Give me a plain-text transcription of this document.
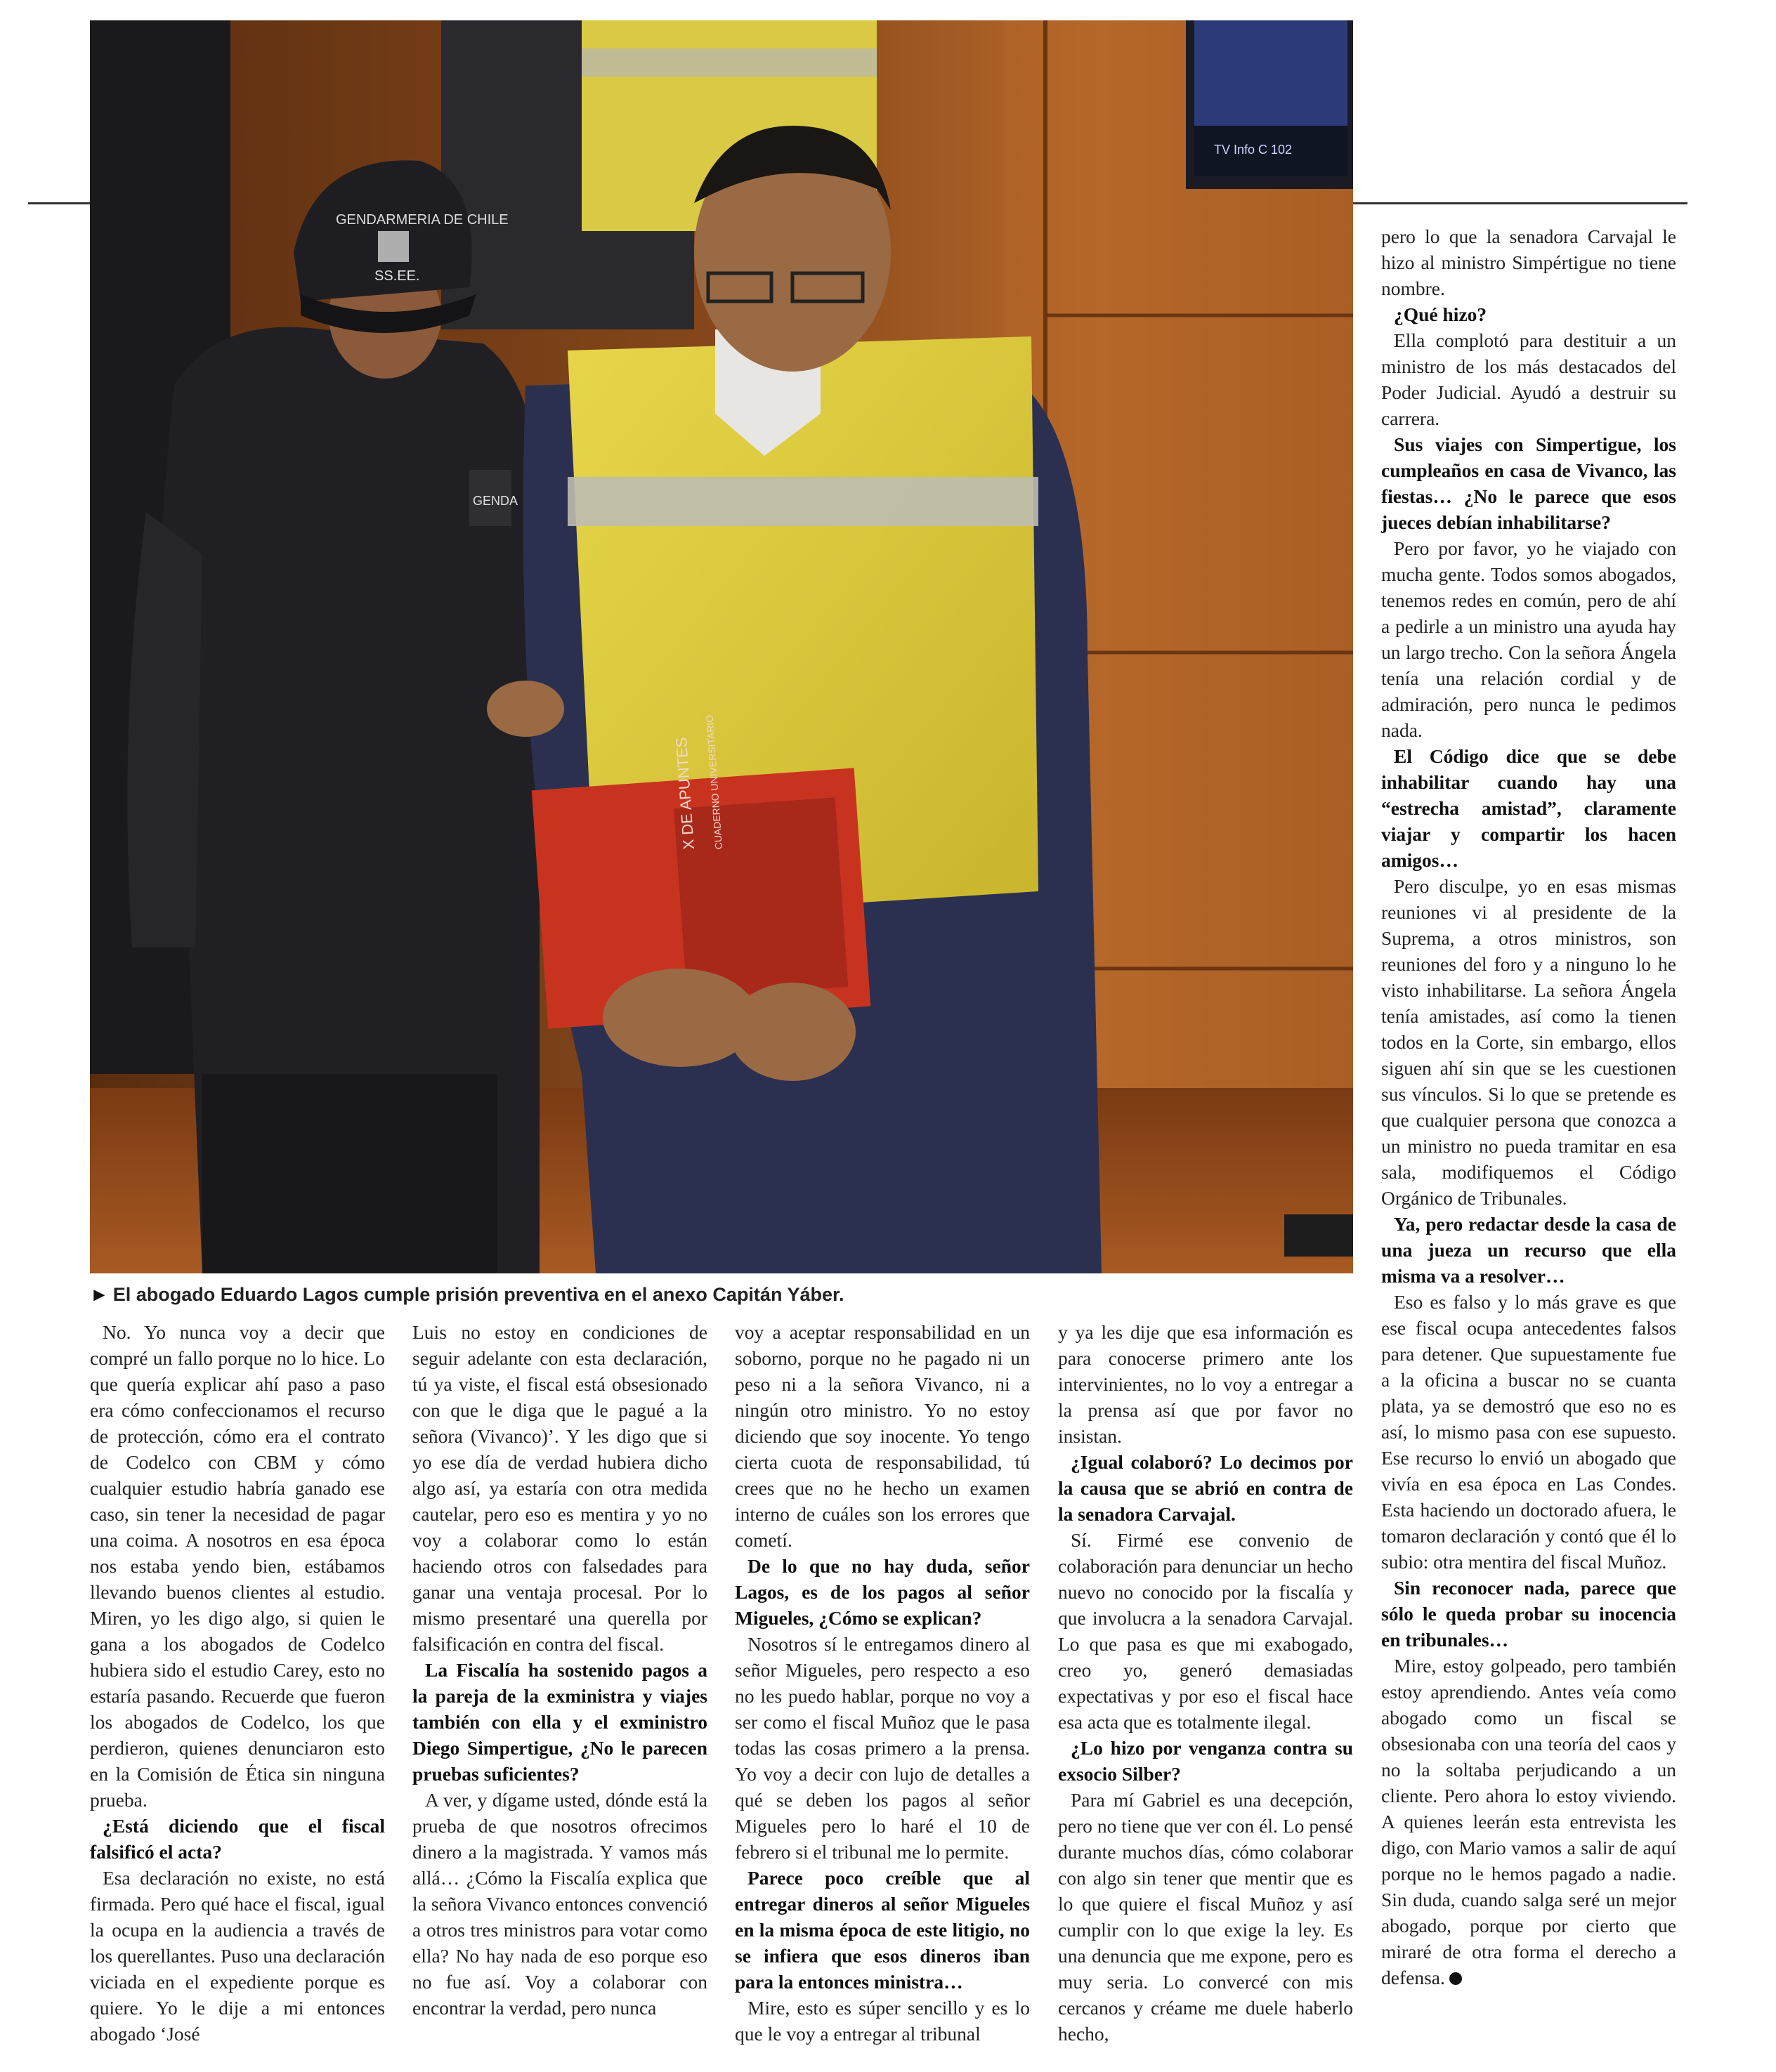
TV Info C 102
GENDARMERIA DE CHILE
SS.EE.
GENDA
X DE APUNTES CUADERNO UNIVERSITARIO
► El abogado Eduardo Lagos cumple prisión preventiva en el anexo Capitán Yáber.

No. Yo nunca voy a decir que compré un fallo porque no lo hice. Lo que quería explicar ahí paso a paso era cómo confeccionamos el recurso de protección, cómo era el contrato de Codelco con CBM y cómo cualquier estudio habría ganado ese caso, sin tener la necesidad de pagar una coima. A nosotros en esa época nos estaba yendo bien, estábamos llevando buenos clientes al estudio. Miren, yo les digo algo, si quien le gana a los abogados de Codelco hubiera sido el estudio Carey, esto no estaría pasando. Recuerde que fueron los abogados de Codelco, los que perdieron, quienes denunciaron esto en la Comisión de Ética sin ninguna prueba.

¿Está diciendo que el fiscal falsificó el acta?

Esa declaración no existe, no está firmada. Pero qué hace el fiscal, igual la ocupa en la audiencia a través de los querellantes. Puso una declaración viciada en el expediente porque es quiere. Yo le dije a mi entonces abogado ‘José

Luis no estoy en condiciones de seguir adelante con esta declaración, tú ya viste, el fiscal está obsesionado con que le diga que le pagué a la señora (Vivanco)’. Y les digo que si yo ese día de verdad hubiera dicho algo así, ya estaría con otra medida cautelar, pero eso es mentira y yo no voy a colaborar como lo están haciendo otros con falsedades para ganar una ventaja procesal. Por lo mismo presentaré una querella por falsificación en contra del fiscal.

La Fiscalía ha sostenido pagos a la pareja de la exministra y viajes también con ella y el exministro Diego Simpertigue, ¿No le parecen pruebas suficientes?

A ver, y dígame usted, dónde está la prueba de que nosotros ofrecimos dinero a la magistrada. Y vamos más allá… ¿Cómo la Fiscalía explica que la señora Vivanco entonces convenció a otros tres ministros para votar como ella? No hay nada de eso porque eso no fue así. Voy a colaborar con encontrar la verdad, pero nunca

voy a aceptar responsabilidad en un soborno, porque no he pagado ni un peso ni a la señora Vivanco, ni a ningún otro ministro. Yo no estoy diciendo que soy inocente. Yo tengo cierta cuota de responsabilidad, tú crees que no he hecho un examen interno de cuáles son los errores que cometí.

De lo que no hay duda, señor Lagos, es de los pagos al señor Migueles, ¿Cómo se explican?

Nosotros sí le entregamos dinero al señor Migueles, pero respecto a eso no les puedo hablar, porque no voy a ser como el fiscal Muñoz que le pasa todas las cosas primero a la prensa. Yo voy a decir con lujo de detalles a qué se deben los pagos al señor Migueles pero lo haré el 10 de febrero si el tribunal me lo permite.

Parece poco creíble que al entregar dineros al señor Migueles en la misma época de este litigio, no se infiera que esos dineros iban para la entonces ministra…

Mire, esto es súper sencillo y es lo que le voy a entregar al tribunal

y ya les dije que esa información es para conocerse primero ante los intervinientes, no lo voy a entregar a la prensa así que por favor no insistan.

¿Igual colaboró? Lo decimos por la causa que se abrió en contra de la senadora Carvajal.

Sí. Firmé ese convenio de colaboración para denunciar un hecho nuevo no conocido por la fiscalía y que involucra a la senadora Carvajal. Lo que pasa es que mi exabogado, creo yo, generó demasiadas expectativas y por eso el fiscal hace esa acta que es totalmente ilegal.

¿Lo hizo por venganza contra su exsocio Silber?

Para mí Gabriel es una decepción, pero no tiene que ver con él. Lo pensé durante muchos días, cómo colaborar con algo sin tener que mentir que es lo que quiere el fiscal Muñoz y así cumplir con lo que exige la ley. Es una denuncia que me expone, pero es muy seria. Lo convercé con mis cercanos y créame me duele haberlo hecho,

pero lo que la senadora Carvajal le hizo al ministro Simpértigue no tiene nombre.

¿Qué hizo?

Ella complotó para destituir a un ministro de los más destacados del Poder Judicial. Ayudó a destruir su carrera.

Sus viajes con Simpertigue, los cumpleaños en casa de Vivanco, las fiestas… ¿No le parece que esos jueces debían inhabilitarse?

Pero por favor, yo he viajado con mucha gente. Todos somos abogados, tenemos redes en común, pero de ahí a pedirle a un ministro una ayuda hay un largo trecho. Con la señora Ángela tenía una relación cordial y de admiración, pero nunca le pedimos nada.

El Código dice que se debe inhabilitar cuando hay una “estrecha amistad”, claramente viajar y compartir los hacen amigos…

Pero disculpe, yo en esas mismas reuniones vi al presidente de la Suprema, a otros ministros, son reuniones del foro y a ninguno lo he visto inhabilitarse. La señora Ángela tenía amistades, así como la tienen todos en la Corte, sin embargo, ellos siguen ahí sin que se les cuestionen sus vínculos. Si lo que se pretende es que cualquier persona que conozca a un ministro no pueda tramitar en esa sala, modifiquemos el Código Orgánico de Tribunales.

Ya, pero redactar desde la casa de una jueza un recurso que ella misma va a resolver…

Eso es falso y lo más grave es que ese fiscal ocupa antecedentes falsos para detener. Que supuestamente fue a la oficina a buscar no se cuanta plata, ya se demostró que eso no es así, lo mismo pasa con ese supuesto. Ese recurso lo envió un abogado que vivía en esa época en Las Condes. Esta haciendo un doctorado afuera, le tomaron declaración y contó que él lo subio: otra mentira del fiscal Muñoz.

Sin reconocer nada, parece que sólo le queda probar su inocencia en tribunales…

Mire, estoy golpeado, pero también estoy aprendiendo. Antes veía como abogado como un fiscal se obsesionaba con una teoría del caos y no la soltaba perjudicando a un cliente. Pero ahora lo estoy viviendo. A quienes leerán esta entrevista les digo, con Mario vamos a salir de aquí porque no le hemos pagado a nadie. Sin duda, cuando salga seré un mejor abogado, porque por cierto que miraré de otra forma el derecho a defensa.
